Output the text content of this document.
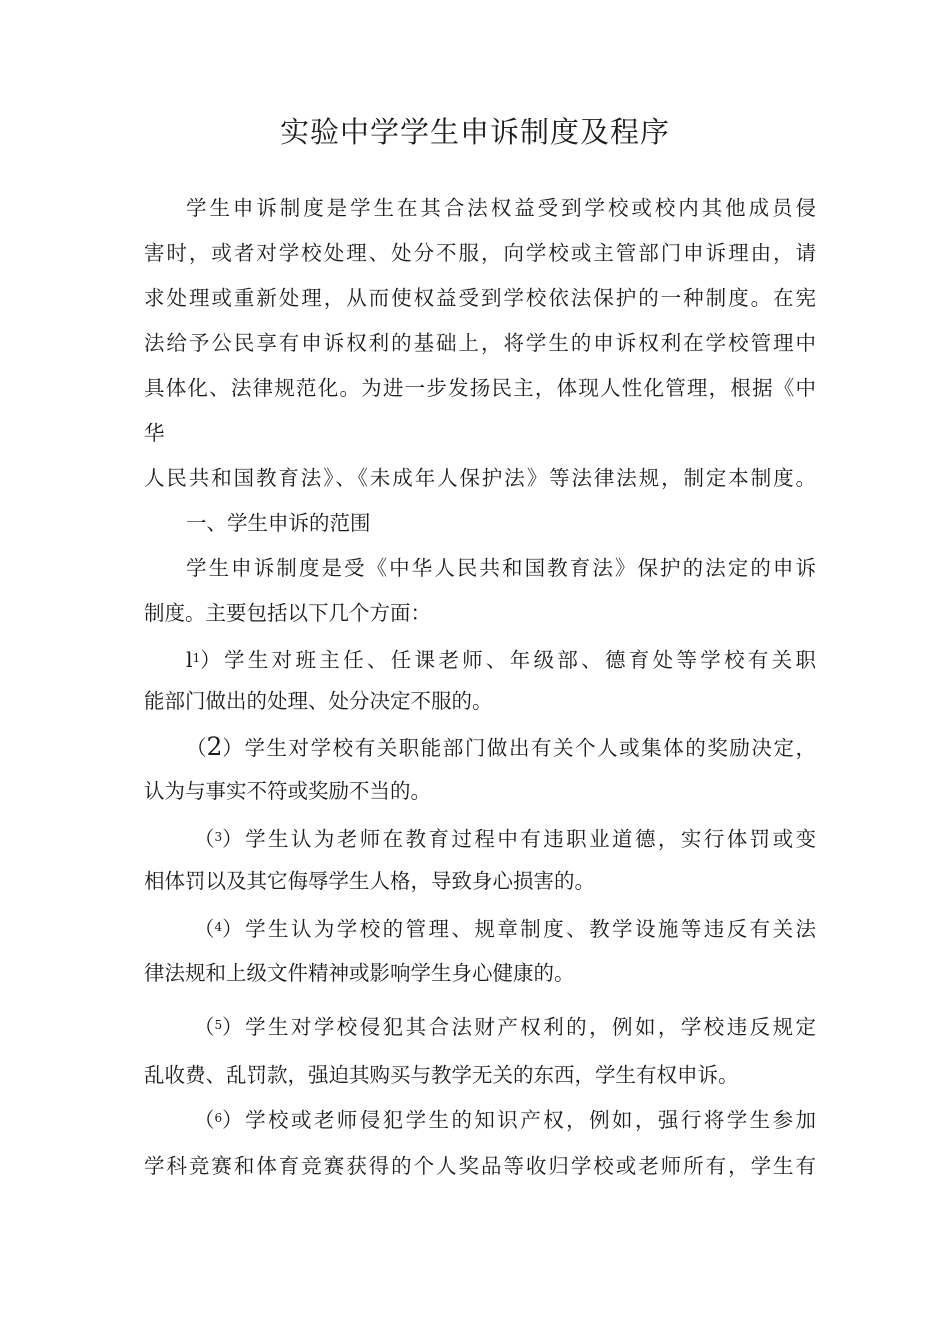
实验中学学生申诉制度及程序
学生申诉制度是学生在其合法权益受到学校或校内其他成员侵
害时，或者对学校处理、处分不服，向学校或主管部门申诉理由，请
求处理或重新处理，从而使权益受到学校依法保护的一种制度。在宪
法给予公民享有申诉权利的基础上，将学生的申诉权利在学校管理中
具体化、法律规范化。为进一步发扬民主，体现人性化管理，根据《中
华
人民共和国教育法》、《未成年人保护法》等法律法规，制定本制度。
一、学生申诉的范围
学生申诉制度是受《中华人民共和国教育法》保护的法定的申诉
制度。主要包括以下几个方面：
$l^1$）学生对班主任、任课老师、年级部、德育处等学校有关职
能部门做出的处理、处分决定不服的。
（2）学生对学校有关职能部门做出有关个人或集体的奖励决定，
认为与事实不符或奖励不当的。
（$^3$）学生认为老师在教育过程中有违职业道德，实行体罚或变
相体罚以及其它侮辱学生人格，导致身心损害的。
（$^4$）学生认为学校的管理、规章制度、教学设施等违反有关法
律法规和上级文件精神或影响学生身心健康的。
（$^5$）学生对学校侵犯其合法财产权利的，例如，学校违反规定
乱收费、乱罚款，强迫其购买与教学无关的东西，学生有权申诉。
（$^6$）学校或老师侵犯学生的知识产权，例如，强行将学生参加
学科竞赛和体育竞赛获得的个人奖品等收归学校或老师所有，学生有
